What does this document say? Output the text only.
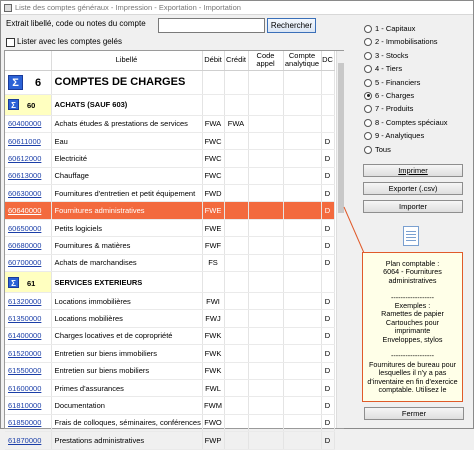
Liste des comptes généraux - Impression - Exportation - Importation
Extrait libellé, code ou notes du compte	Rechercher
Lister avec les comptes gelés
	Libellé	Débit	Crédit	Code appel	Compte analytique	DC
Σ 6	COMPTES DE CHARGES					
Σ 60	ACHATS (SAUF 603)					
60400000	Achats études & prestations de services	FWA	FWA			
60611000	Eau	FWC				D
60612000	Electricité	FWC				D
60613000	Chauffage	FWC				D
60630000	Fournitures d'entretien et petit équipement	FWD				D
60640000	Fournitures administratives	FWE				D
60650000	Petits logiciels	FWE				D
60680000	Fournitures & matières	FWF				D
60700000	Achats de marchandises	FS				D
Σ 61	SERVICES EXTERIEURS					
61320000	Locations immobilières	FWI				D
61350000	Locations mobilières	FWJ				D
61400000	Charges locatives et de copropriété	FWK				D
61520000	Entretien sur biens immobiliers	FWK				D
61550000	Entretien sur biens mobiliers	FWK				D
61600000	Primes d'assurances	FWL				D
61810000	Documentation	FWM				D
61850000	Frais de colloques, séminaires, conférences	FWO				D
61870000	Prestations administratives	FWP				D
1 - Capitaux
2 - Immobilisations
3 - Stocks
4 - Tiers
5 - Financiers
6 - Charges
7 - Produits
8 - Comptes spéciaux
9 - Analytiques
Tous
Imprimer
Exporter (.csv)
Importer

Plan comptable :

6064 - Fournitures

administratives

------------------

Exemples :

Ramettes de papier

Cartouches pour

imprimante

Enveloppes, stylos

------------------

Fournitures de bureau pour

lesquelles il n'y a pas

d'inventaire en fin d'exercice

comptable. Utilisez le

Fermer
